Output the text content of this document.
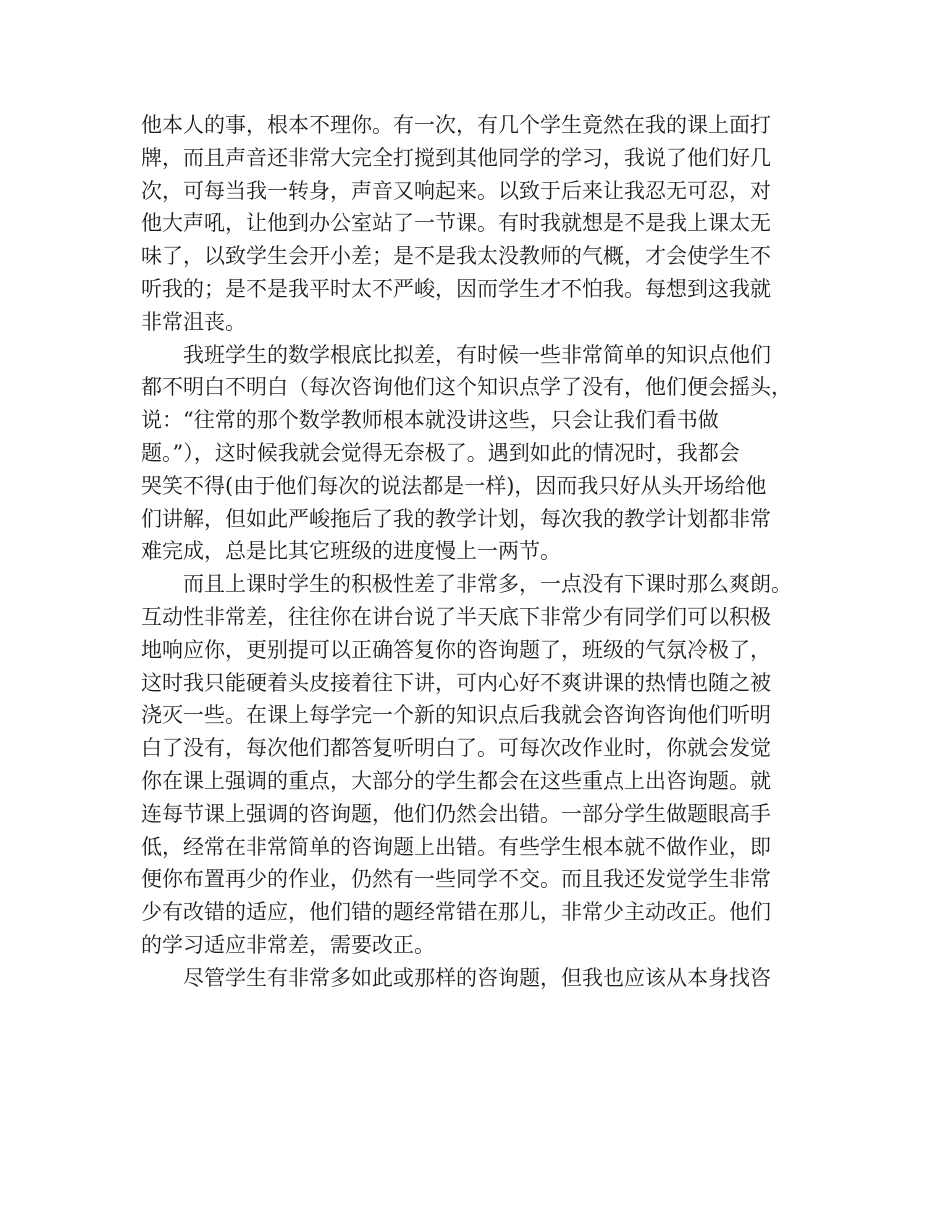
他本人的事，根本不理你。有一次，有几个学生竟然在我的课上面打
牌，而且声音还非常大完全打搅到其他同学的学习，我说了他们好几
次，可每当我一转身，声音又响起来。以致于后来让我忍无可忍，对
他大声吼，让他到办公室站了一节课。有时我就想是不是我上课太无
味了，以致学生会开小差；是不是我太没教师的气概，才会使学生不
听我的；是不是我平时太不严峻，因而学生才不怕我。每想到这我就
非常沮丧。
我班学生的数学根底比拟差，有时候一些非常简单的知识点他们
都不明白不明白（每次咨询他们这个知识点学了没有，他们便会摇头，
说：“往常的那个数学教师根本就没讲这些，只会让我们看书做
题。”），这时候我就会觉得无奈极了。遇到如此的情况时，我都会
哭笑不得(由于他们每次的说法都是一样)，因而我只好从头开场给他
们讲解，但如此严峻拖后了我的教学计划，每次我的教学计划都非常
难完成，总是比其它班级的进度慢上一两节。
而且上课时学生的积极性差了非常多，一点没有下课时那么爽朗。
互动性非常差，往往你在讲台说了半天底下非常少有同学们可以积极
地响应你，更别提可以正确答复你的咨询题了，班级的气氛冷极了，
这时我只能硬着头皮接着往下讲，可内心好不爽讲课的热情也随之被
浇灭一些。在课上每学完一个新的知识点后我就会咨询咨询他们听明
白了没有，每次他们都答复听明白了。可每次改作业时，你就会发觉
你在课上强调的重点，大部分的学生都会在这些重点上出咨询题。就
连每节课上强调的咨询题，他们仍然会出错。一部分学生做题眼高手
低，经常在非常简单的咨询题上出错。有些学生根本就不做作业，即
便你布置再少的作业，仍然有一些同学不交。而且我还发觉学生非常
少有改错的适应，他们错的题经常错在那儿，非常少主动改正。他们
的学习适应非常差，需要改正。
尽管学生有非常多如此或那样的咨询题，但我也应该从本身找咨
